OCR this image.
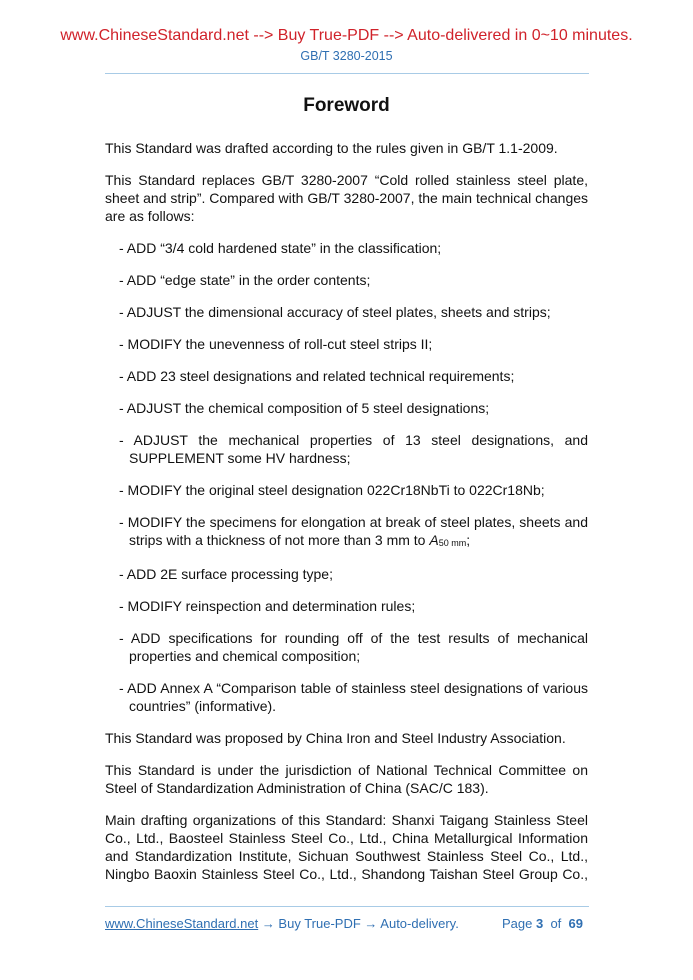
www.ChineseStandard.net --> Buy True-PDF --> Auto-delivered in 0~10 minutes.
GB/T 3280-2015
Foreword

This Standard was drafted according to the rules given in GB/T 1.1-2009.

This Standard replaces GB/T 3280-2007 “Cold rolled stainless steel plate, sheet and strip”. Compared with GB/T 3280-2007, the main technical changes are as follows:

- ADD “3/4 cold hardened state” in the classification;

- ADD “edge state” in the order contents;

- ADJUST the dimensional accuracy of steel plates, sheets and strips;

- MODIFY the unevenness of roll-cut steel strips II;

- ADD 23 steel designations and related technical requirements;

- ADJUST the chemical composition of 5 steel designations;

- ADJUST the mechanical properties of 13 steel designations, and SUPPLEMENT some HV hardness;

- MODIFY the original steel designation 022Cr18NbTi to 022Cr18Nb;

- MODIFY the specimens for elongation at break of steel plates, sheets and strips with a thickness of not more than 3 mm to $A_{50 mm}$;

- ADD 2E surface processing type;

- MODIFY reinspection and determination rules;

- ADD specifications for rounding off of the test results of mechanical properties and chemical composition;

- ADD Annex A “Comparison table of stainless steel designations of various countries” (informative).

This Standard was proposed by China Iron and Steel Industry Association.

This Standard is under the jurisdiction of National Technical Committee on Steel of Standardization Administration of China (SAC/C 183).

Main drafting organizations of this Standard: Shanxi Taigang Stainless Steel Co., Ltd., Baosteel Stainless Steel Co., Ltd., China Metallurgical Information and Standardization Institute, Sichuan Southwest Stainless Steel Co., Ltd., Ningbo Baoxin Stainless Steel Co., Ltd., Shandong Taishan Steel Group Co.,

www.ChineseStandard.net → Buy True-PDF → Auto-delivery.	Page 3 of 69
